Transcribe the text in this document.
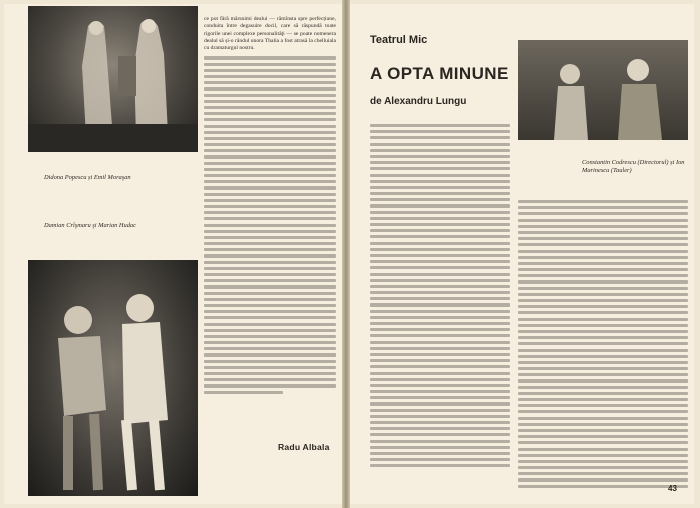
Didona Popescu și Emil Moraşan
Damian Crîşmaru şi Marian Hudac
ce pot fără mărsnimi dealui — rămînsta spre perfecțiune, conduita între degasuire docil, care să răspundă toate rigorile unei complexe personalităţi — se poate nomenera dealul să și-o rândul unora Thalia a fost atrasă la chelluiala cu dramaturgul nostru.
Radu Albala
Teatrul Mic
A OPTA MINUNE
de Alexandru Lungu
Constantin Codrescu (Directorul) și Ion Marinescu (Tauler)
43
